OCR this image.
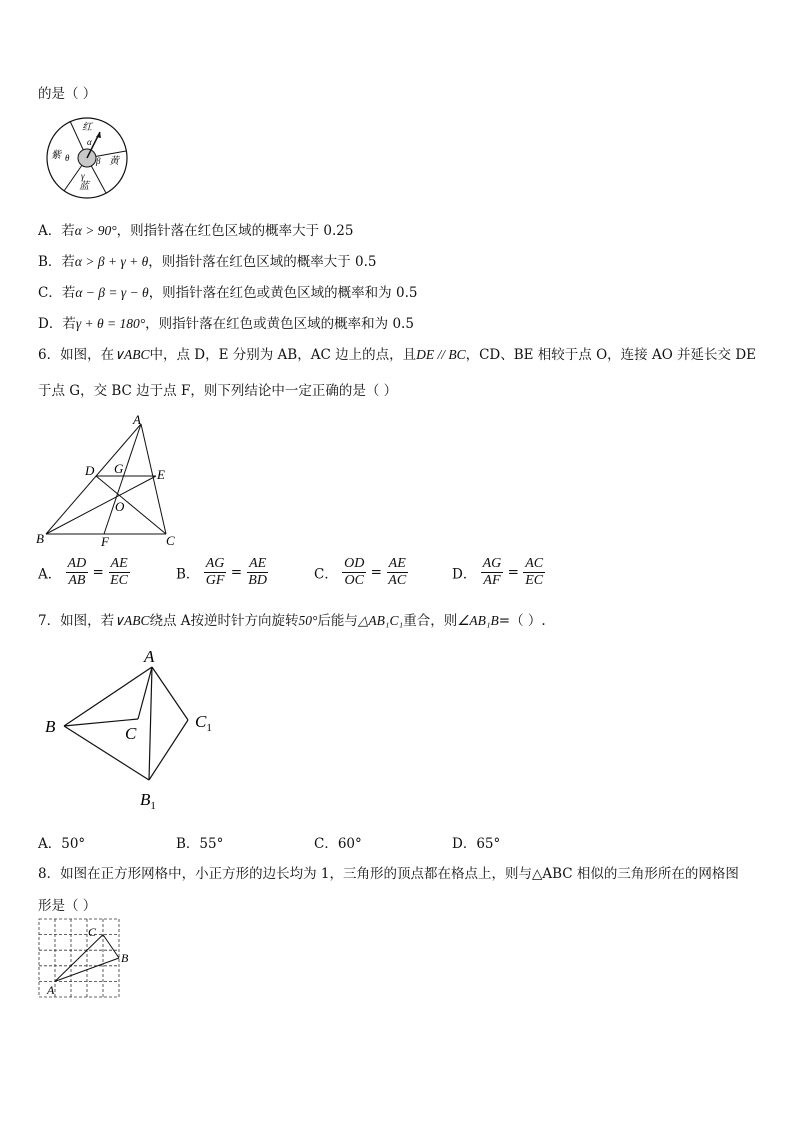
的是（ ）
红
黄
蓝
紫
α
β
γ
θ
A．若α > 90°，则指针落在红色区域的概率大于 0.25
B．若α > β + γ + θ，则指针落在红色区域的概率大于 0.5
C．若α − β = γ − θ，则指针落在红色或黄色区域的概率和为 0.5
D．若γ + θ = 180°，则指针落在红色或黄色区域的概率和为 0.5
6．如图，在∨ABC中，点 D，E 分别为 AB，AC 边上的点，且DE // BC，CD、BE 相较于点 O，连接 AO 并延长交 DE
于点 G，交 BC 边于点 F，则下列结论中一定正确的是（ ）
A
B	C
D	E
F
G
O
A． $\frac{AD}{AB} = \frac{AE}{EC}$	B． $\frac{AG}{GF} = \frac{AE}{BD}$	C． $\frac{OD}{OC} = \frac{AE}{AC}$	D． $\frac{AG}{AF} = \frac{AC}{EC}$
7．如图，若∨ABC绕点 A按逆时针方向旋转50°后能与△AB₁C₁重合，则∠AB₁B=（ ）.
A
B	C
$C_1$
$B_1$
A．50°	B．55°	C．60°	D．65°
8．如图在正方形网格中，小正方形的边长均为 1，三角形的顶点都在格点上，则与△ABC 相似的三角形所在的网格图
形是（ ）
C
B
A
